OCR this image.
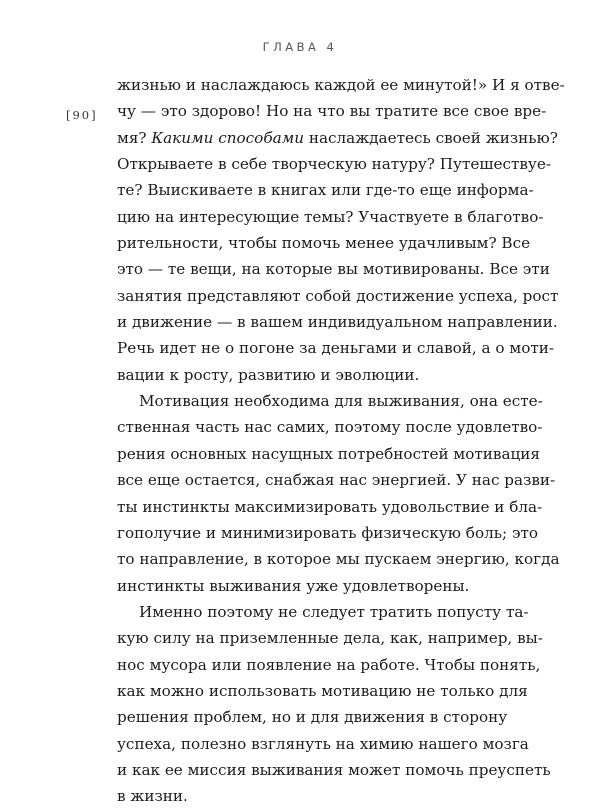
ГЛАВА 4
[90]
жизнью и наслаждаюсь каждой ее минутой!» И я отве-
чу — это здорово! Но на что вы тратите все свое вре-
мя? Какими способами наслаждаетесь своей жизнью?
Открываете в себе творческую натуру? Путешествуе-
те? Выискиваете в книгах или где-то еще информа-
цию на интересующие темы? Участвуете в благотво-
рительности, чтобы помочь менее удачливым? Все
это — те вещи, на которые вы мотивированы. Все эти
занятия представляют собой достижение успеха, рост
и движение — в вашем индивидуальном направлении.
Речь идет не о погоне за деньгами и славой, а о моти-
вации к росту, развитию и эволюции.
Мотивация необходима для выживания, она есте-
ственная часть нас самих, поэтому после удовлетво-
рения основных насущных потребностей мотивация
все еще остается, снабжая нас энергией. У нас разви-
ты инстинкты максимизировать удовольствие и бла-
гополучие и минимизировать физическую боль; это
то направление, в которое мы пускаем энергию, когда
инстинкты выживания уже удовлетворены.
Именно поэтому не следует тратить попусту та-
кую силу на приземленные дела, как, например, вы-
нос мусора или появление на работе. Чтобы понять,
как можно использовать мотивацию не только для
решения проблем, но и для движения в сторону
успеха, полезно взглянуть на химию нашего мозга
и как ее миссия выживания может помочь преуспеть
в жизни.
